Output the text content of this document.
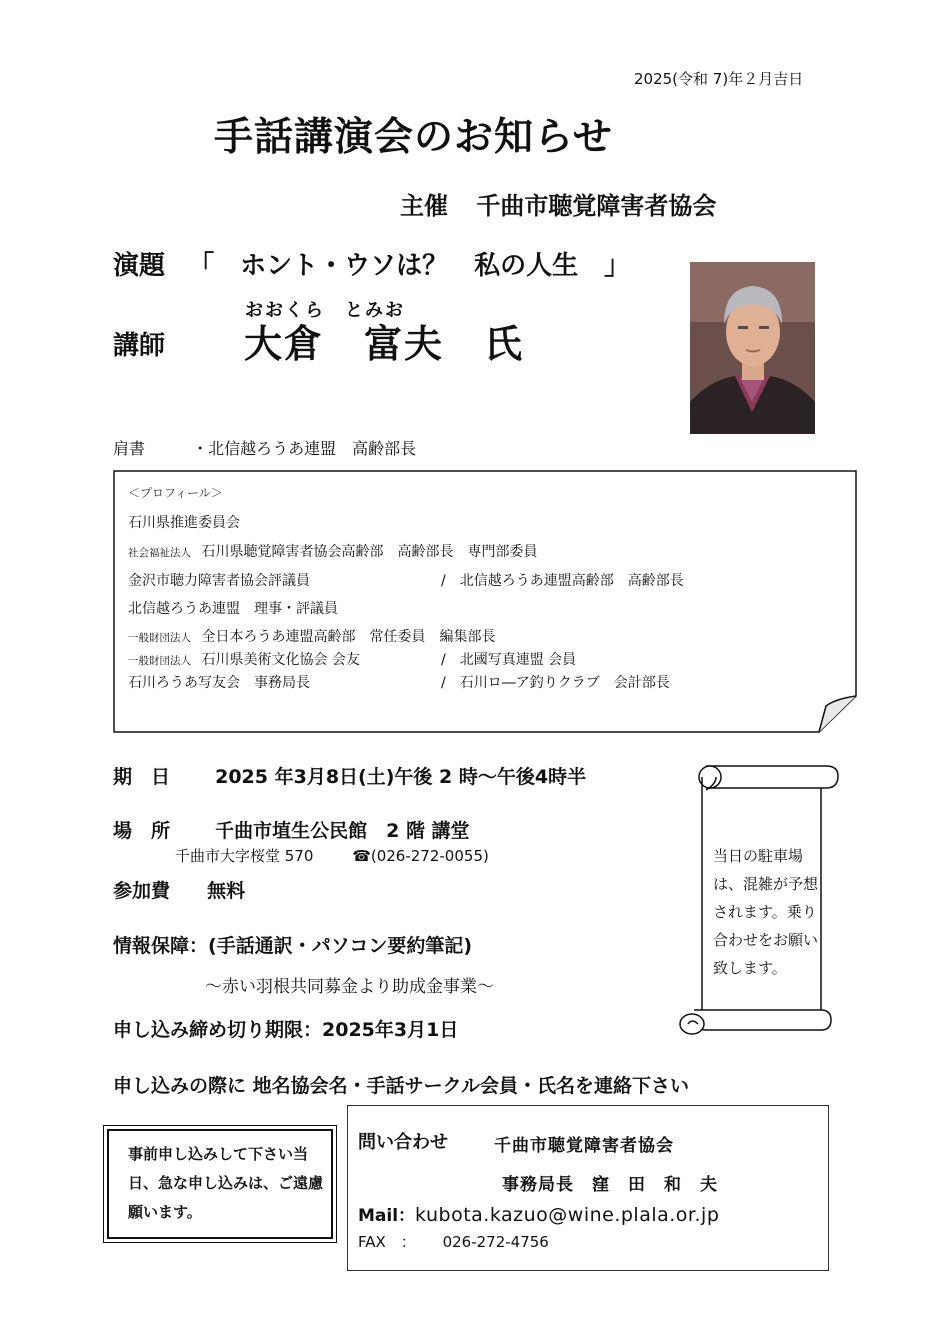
2025(令和 7)年２月吉日
手話講演会のお知らせ
主催 千曲市聴覚障害者協会
演題 「　ホント・ウソは？　私の人生　」
おおくら　とみお
講師 大倉　富夫　氏
肩書	・北信越ろうあ連盟　高齢部長
＜プロフィール＞
石川県推進委員会
社会福祉法人 石川県聴覚障害者協会高齢部　高齢部長　専門部委員
金沢市聴力障害者協会評議員	/　北信越ろうあ連盟高齢部　高齢部長
北信越ろうあ連盟　理事・評議員
一般財団法人 全日本ろうあ連盟高齢部　常任委員　編集部長
一般財団法人 石川県美術文化協会 会友	/　北國写真連盟 会員
石川ろうあ写友会　事務局長	/　石川ロ―ア釣りクラブ　会計部長
期　日 2025 年3月8日(土)午後 2 時～午後4時半
場　所 千曲市埴生公民館　2 階 講堂
千曲市大字桜堂 570	☎(026-272-0055)
参加費 無料
情報保障：(手話通訳・パソコン要約筆記)
～赤い羽根共同募金より助成金事業～
申し込み締め切り期限：2025年3月1日
申し込みの際に 地名協会名・手話サークル会員・氏名を連絡下さい
当日の駐車場は、混雑が予想されます。乗り合わせをお願い致します。
事前申し込みして下さい当日、急な申し込みは、ご遠慮願います。
問い合わせ	千曲市聴覚障害者協会
事務局長　窪　田　和　夫
Mail：kubota.kazuo@wine.plala.or.jp
FAX　： 026-272-4756
